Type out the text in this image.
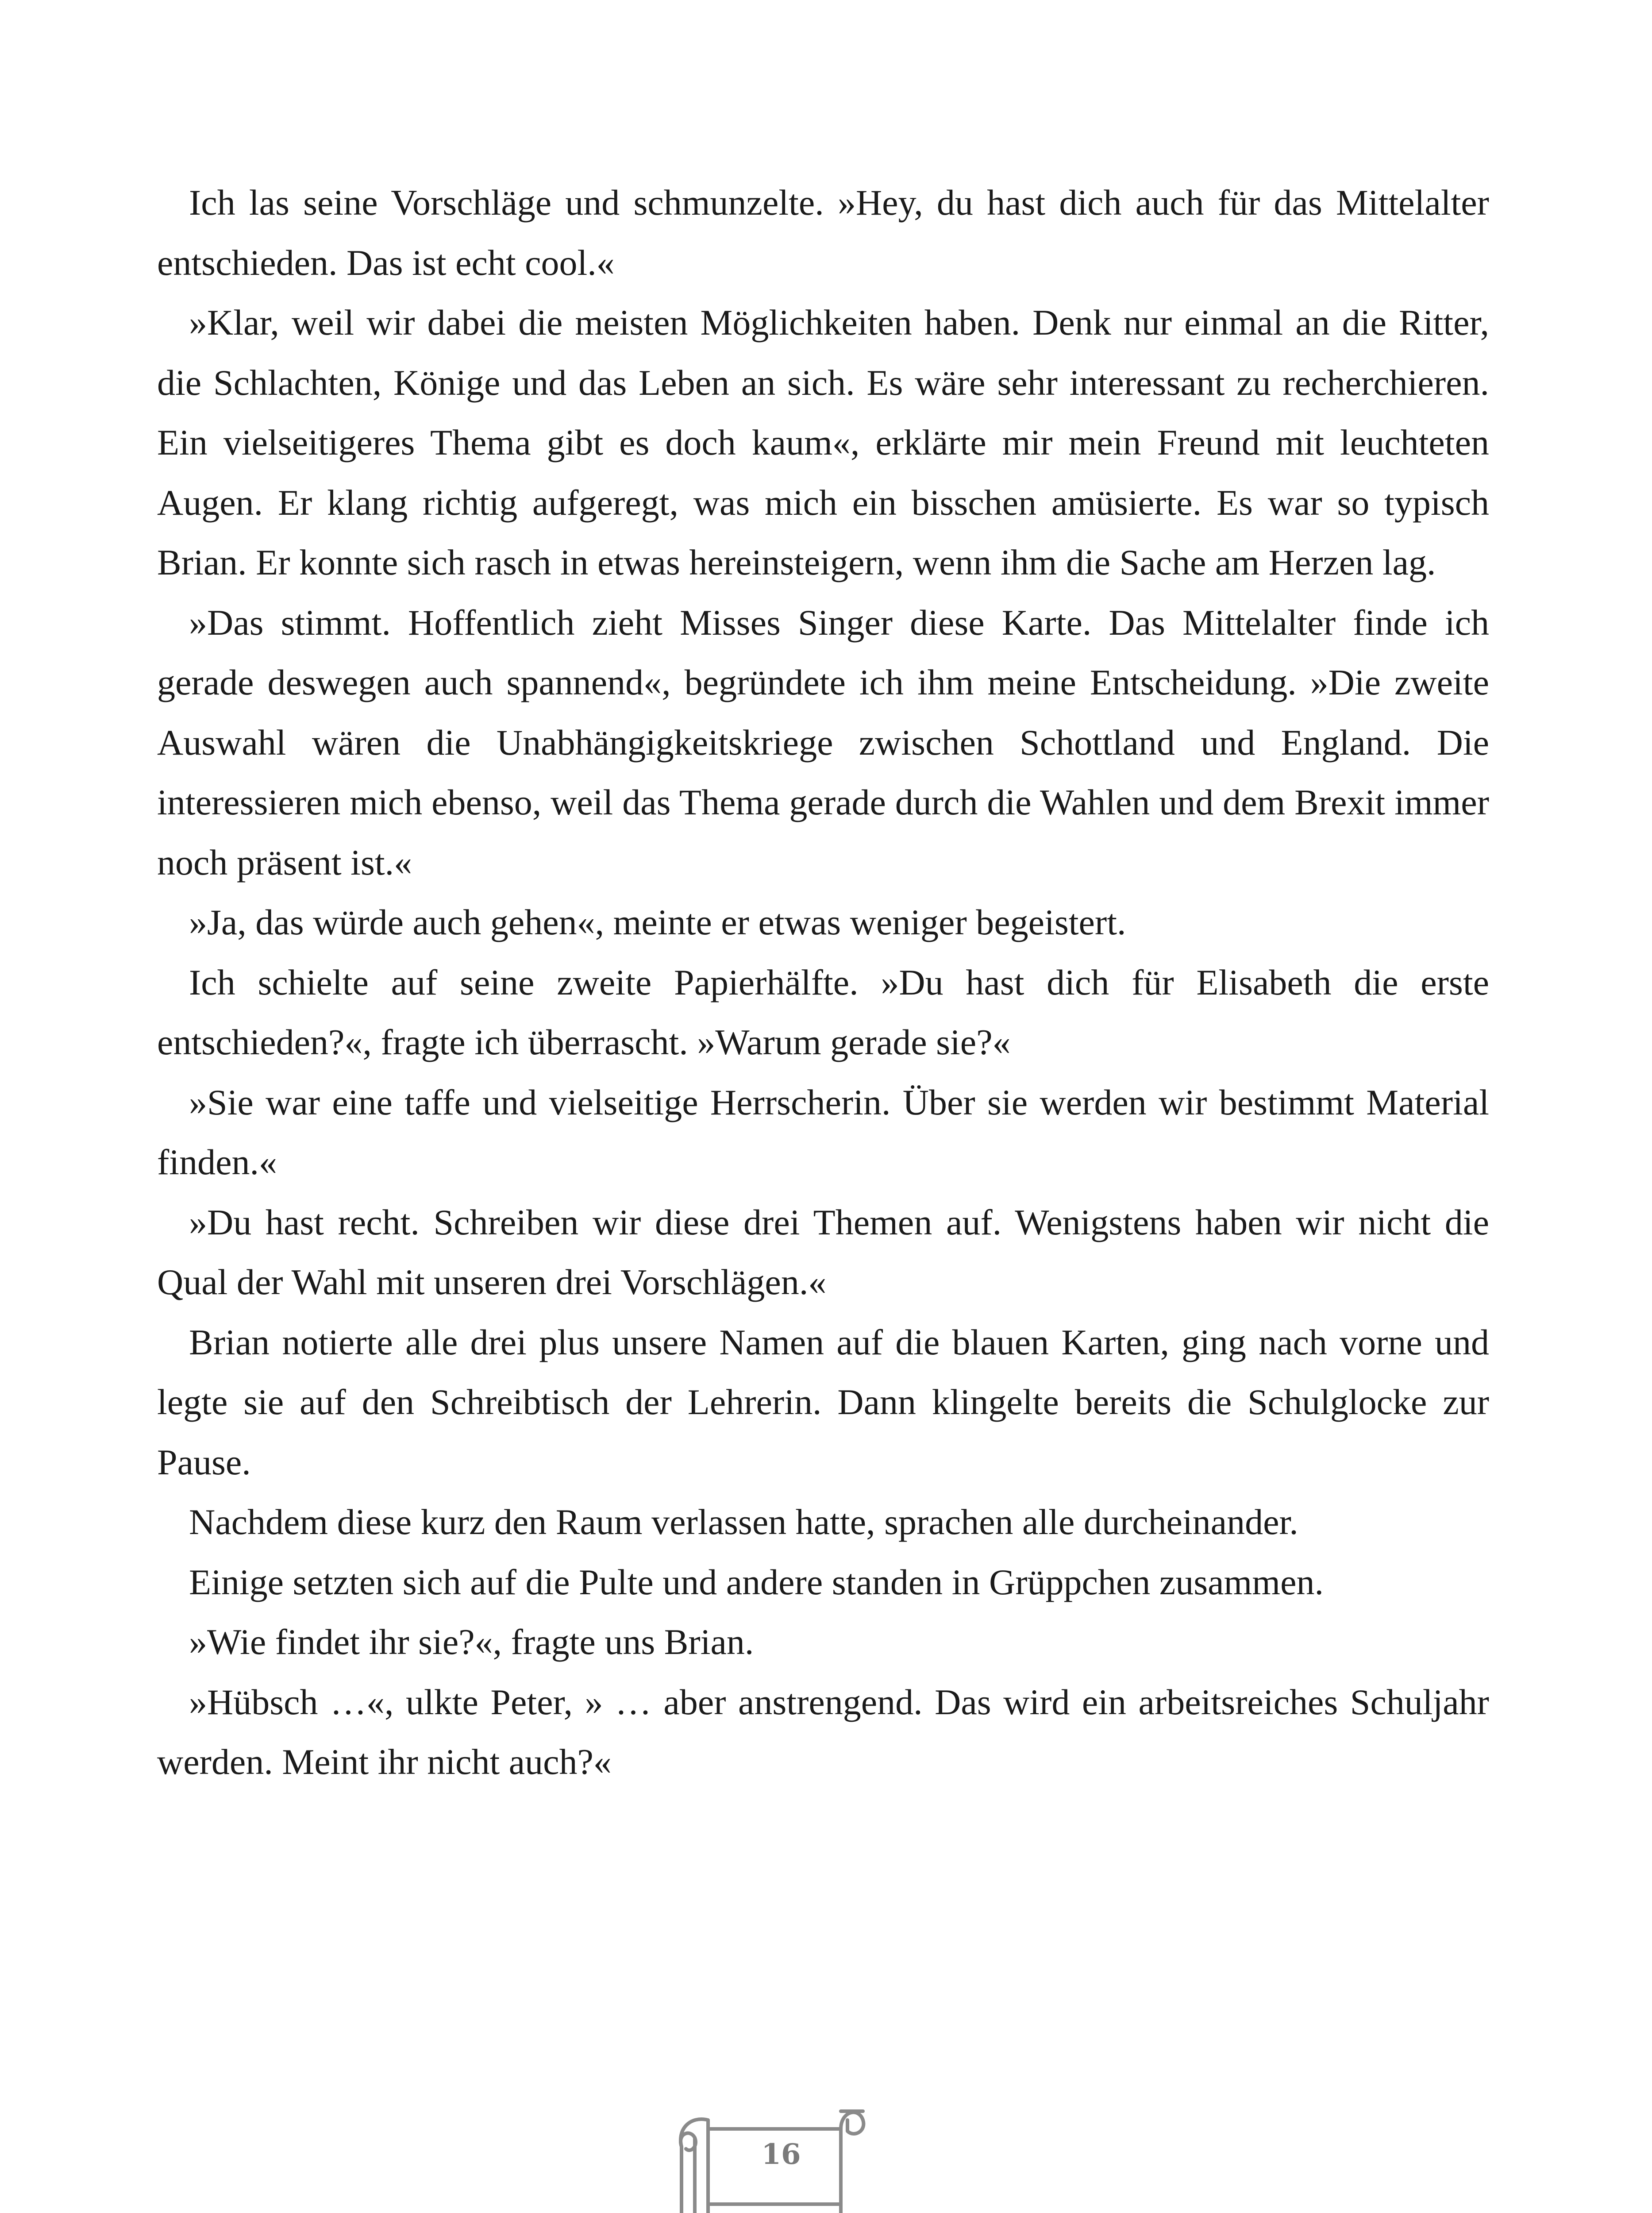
Ich las seine Vorschläge und schmunzelte. »Hey, du hast dich auch für das Mittelalter entschieden. Das ist echt cool.«

»Klar, weil wir dabei die meisten Möglichkeiten haben. Denk nur einmal an die Ritter, die Schlachten, Könige und das Leben an sich. Es wäre sehr interessant zu recherchieren. Ein vielseitigeres Thema gibt es doch kaum«, erklärte mir mein Freund mit leuchteten Augen. Er klang richtig aufgeregt, was mich ein bisschen amüsierte. Es war so typisch Brian. Er konnte sich rasch in etwas hereinsteigern, wenn ihm die Sache am Herzen lag.

»Das stimmt. Hoffentlich zieht Misses Singer diese Karte. Das Mittelalter finde ich gerade deswegen auch spannend«, begründete ich ihm meine Entscheidung. »Die zweite Auswahl wären die Unabhängigkeitskriege zwischen Schottland und England. Die interessieren mich ebenso, weil das Thema gerade durch die Wahlen und dem Brexit immer noch präsent ist.«

»Ja, das würde auch gehen«, meinte er etwas weniger begeistert.

Ich schielte auf seine zweite Papierhälfte. »Du hast dich für Elisabeth die erste entschieden?«, fragte ich überrascht. »Warum gerade sie?«

»Sie war eine taffe und vielseitige Herrscherin. Über sie werden wir bestimmt Material finden.«

»Du hast recht. Schreiben wir diese drei Themen auf. Wenigstens haben wir nicht die Qual der Wahl mit unseren drei Vorschlägen.«

Brian notierte alle drei plus unsere Namen auf die blauen Karten, ging nach vorne und legte sie auf den Schreibtisch der Lehrerin. Dann klingelte bereits die Schulglocke zur Pause.

Nachdem diese kurz den Raum verlassen hatte, sprachen alle durcheinander.

Einige setzten sich auf die Pulte und andere standen in Grüppchen zusammen.

»Wie findet ihr sie?«, fragte uns Brian.

»Hübsch …«, ulkte Peter, » … aber anstrengend. Das wird ein arbeitsreiches Schuljahr werden. Meint ihr nicht auch?«

16
